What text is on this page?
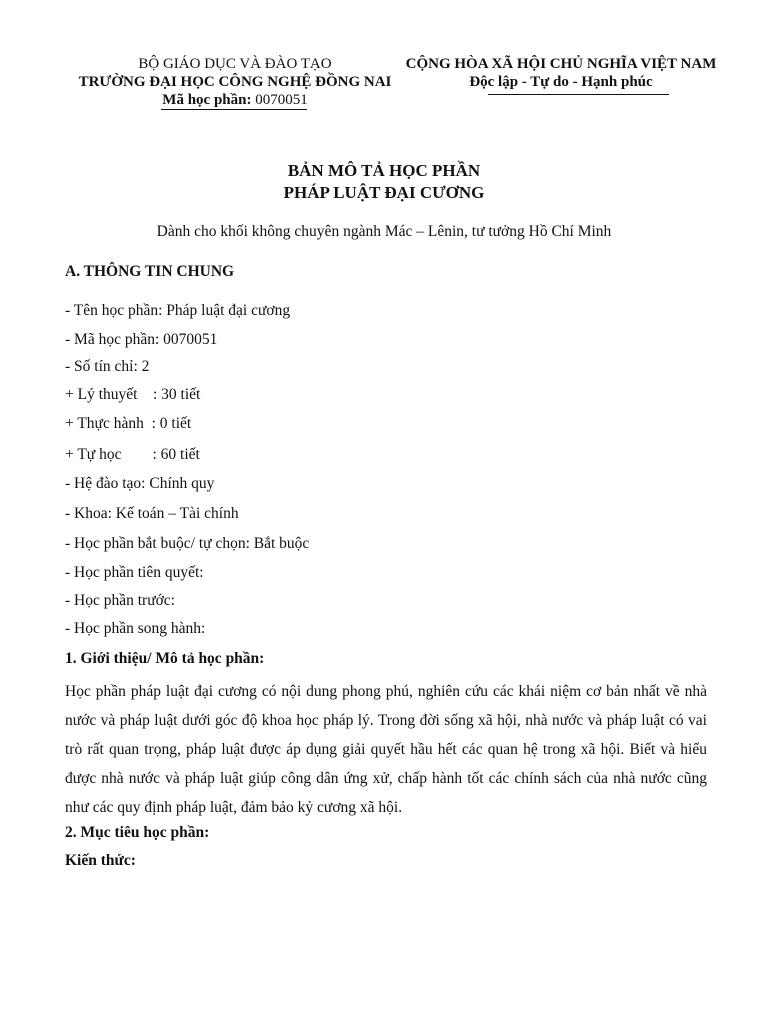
BỘ GIÁO DỤC VÀ ĐÀO TẠO
TRƯỜNG ĐẠI HỌC CÔNG NGHỆ ĐỒNG NAI
Mã học phần: 0070051
CỘNG HÒA XÃ HỘI CHỦ NGHĨA VIỆT NAM
Độc lập - Tự do - Hạnh phúc
BẢN MÔ TẢ HỌC PHẦN
PHÁP LUẬT ĐẠI CƯƠNG
Dành cho khối không chuyên ngành Mác – Lênin, tư tưởng Hồ Chí Minh
A. THÔNG TIN CHUNG
- Tên học phần: Pháp luật đại cương
- Mã học phần: 0070051
- Số tín chỉ: 2
+ Lý thuyết    : 30 tiết
+ Thực hành  : 0 tiết
+ Tự học        : 60 tiết
- Hệ đào tạo: Chính quy
- Khoa: Kế toán – Tài chính
- Học phần bắt buộc/ tự chọn: Bắt buộc
- Học phần tiên quyết:
- Học phần trước:
- Học phần song hành:
1. Giới thiệu/ Mô tả học phần:
Học phần pháp luật đại cương có nội dung phong phú, nghiên cứu các khái niệm cơ bản nhất về nhà nước và pháp luật dưới góc độ khoa học pháp lý. Trong đời sống xã hội, nhà nước và pháp luật có vai trò rất quan trọng, pháp luật được áp dụng giải quyết hầu hết các quan hệ trong xã hội. Biết và hiểu được nhà nước và pháp luật giúp công dân ứng xử, chấp hành tốt các chính sách của nhà nước cũng như các quy định pháp luật, đảm bảo kỷ cương xã hội.
2. Mục tiêu học phần:
Kiến thức:
